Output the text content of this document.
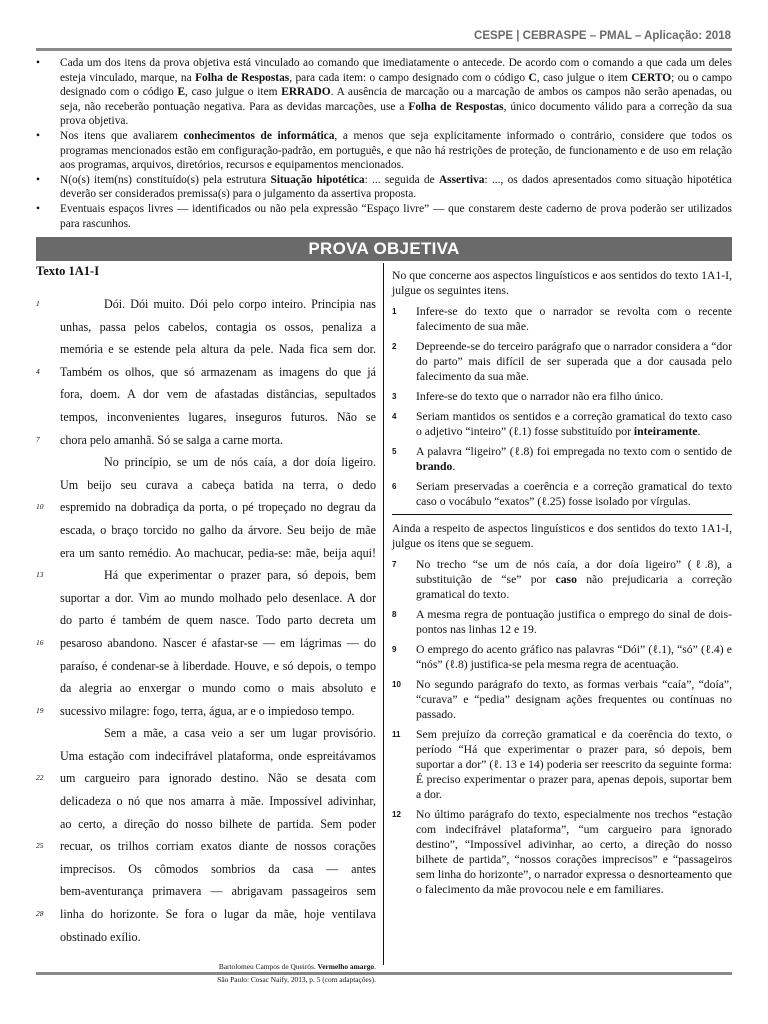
CESPE | CEBRASPE – PMAL – Aplicação: 2018
• Cada um dos itens da prova objetiva está vinculado ao comando que imediatamente o antecede. De acordo com o comando a que cada um deles esteja vinculado, marque, na Folha de Respostas, para cada item: o campo designado com o código C, caso julgue o item CERTO; ou o campo designado com o código E, caso julgue o item ERRADO. A ausência de marcação ou a marcação de ambos os campos não serão apenadas, ou seja, não receberão pontuação negativa. Para as devidas marcações, use a Folha de Respostas, único documento válido para a correção da sua prova objetiva.
• Nos itens que avaliarem conhecimentos de informática, a menos que seja explicitamente informado o contrário, considere que todos os programas mencionados estão em configuração-padrão, em português, e que não há restrições de proteção, de funcionamento e de uso em relação aos programas, arquivos, diretórios, recursos e equipamentos mencionados.
• N(o(s) item(ns) constituído(s) pela estrutura Situação hipotética: ... seguida de Assertiva: ..., os dados apresentados como situação hipotética deverão ser considerados premissa(s) para o julgamento da assertiva proposta.
• Eventuais espaços livres — identificados ou não pela expressão “Espaço livre” — que constarem deste caderno de prova poderão ser utilizados para rascunhos.
PROVA OBJETIVA
Texto 1A1-I
1	Dói. Dói muito. Dói pelo corpo inteiro. Principia nas
unhas, passa pelos cabelos, contagia os ossos, penaliza a
memória e se estende pela altura da pele. Nada fica sem dor.
4	Também os olhos, que só armazenam as imagens do que já
fora, doem. A dor vem de afastadas distâncias, sepultados
tempos, inconvenientes lugares, inseguros futuros. Não se
7	chora pelo amanhã. Só se salga a carne morta.
No princípio, se um de nós caía, a dor doía ligeiro.
Um beijo seu curava a cabeça batida na terra, o dedo
10	espremido na dobradiça da porta, o pé tropeçado no degrau da
escada, o braço torcido no galho da árvore. Seu beijo de mãe
era um santo remédio. Ao machucar, pedia-se: mãe, beija aqui!
13	Há que experimentar o prazer para, só depois, bem
suportar a dor. Vim ao mundo molhado pelo desenlace. A dor
do parto é também de quem nasce. Todo parto decreta um
16	pesaroso abandono. Nascer é afastar-se — em lágrimas — do
paraíso, é condenar-se à liberdade. Houve, e só depois, o tempo
da alegria ao enxergar o mundo como o mais absoluto e
19	sucessivo milagre: fogo, terra, água, ar e o impiedoso tempo.
Sem a mãe, a casa veio a ser um lugar provisório.
Uma estação com indecifrável plataforma, onde espreitávamos
22	um cargueiro para ignorado destino. Não se desata com
delicadeza o nó que nos amarra à mãe. Impossível adivinhar,
ao certo, a direção do nosso bilhete de partida. Sem poder
25	recuar, os trilhos corriam exatos diante de nossos corações
imprecisos. Os cômodos sombrios da casa — antes
bem-aventurança primavera — abrigavam passageiros sem
28	linha do horizonte. Se fora o lugar da mãe, hoje ventilava
obstinado exílio.
Bartolomeu Campos de Queirós. Vermelho amargo.
São Paulo: Cosac Naify, 2013, p. 5 (com adaptações).
No que concerne aos aspectos linguísticos e aos sentidos do texto 1A1-I, julgue os seguintes itens.
1 Infere-se do texto que o narrador se revolta com o recente falecimento de sua mãe.
2 Depreende-se do terceiro parágrafo que o narrador considera a “dor do parto” mais difícil de ser superada que a dor causada pelo falecimento da sua mãe.
3 Infere-se do texto que o narrador não era filho único.
4 Seriam mantidos os sentidos e a correção gramatical do texto caso o adjetivo “inteiro” (ℓ.1) fosse substituído por inteiramente.
5 A palavra “ligeiro” (ℓ.8) foi empregada no texto com o sentido de brando.
6 Seriam preservadas a coerência e a correção gramatical do texto caso o vocábulo “exatos” (ℓ.25) fosse isolado por vírgulas.
Ainda a respeito de aspectos linguísticos e dos sentidos do texto 1A1-I, julgue os itens que se seguem.
7 No trecho “se um de nós caía, a dor doía ligeiro” (ℓ.8), a substituição de “se” por caso não prejudicaria a correção gramatical do texto.
8 A mesma regra de pontuação justifica o emprego do sinal de dois-pontos nas linhas 12 e 19.
9 O emprego do acento gráfico nas palavras “Dói” (ℓ.1), “só” (ℓ.4) e “nós” (ℓ.8) justifica-se pela mesma regra de acentuação.
10 No segundo parágrafo do texto, as formas verbais “caía”, “doía”, “curava” e “pedia” designam ações frequentes ou contínuas no passado.
11 Sem prejuízo da correção gramatical e da coerência do texto, o período “Há que experimentar o prazer para, só depois, bem suportar a dor” (ℓ. 13 e 14) poderia ser reescrito da seguinte forma: É preciso experimentar o prazer para, apenas depois, suportar bem a dor.
12 No último parágrafo do texto, especialmente nos trechos “estação com indecifrável plataforma”, “um cargueiro para ignorado destino”, “Impossível adivinhar, ao certo, a direção do nosso bilhete de partida”, “nossos corações imprecisos” e “passageiros sem linha do horizonte”, o narrador expressa o desnorteamento que o falecimento da mãe provocou nele e em familiares.
